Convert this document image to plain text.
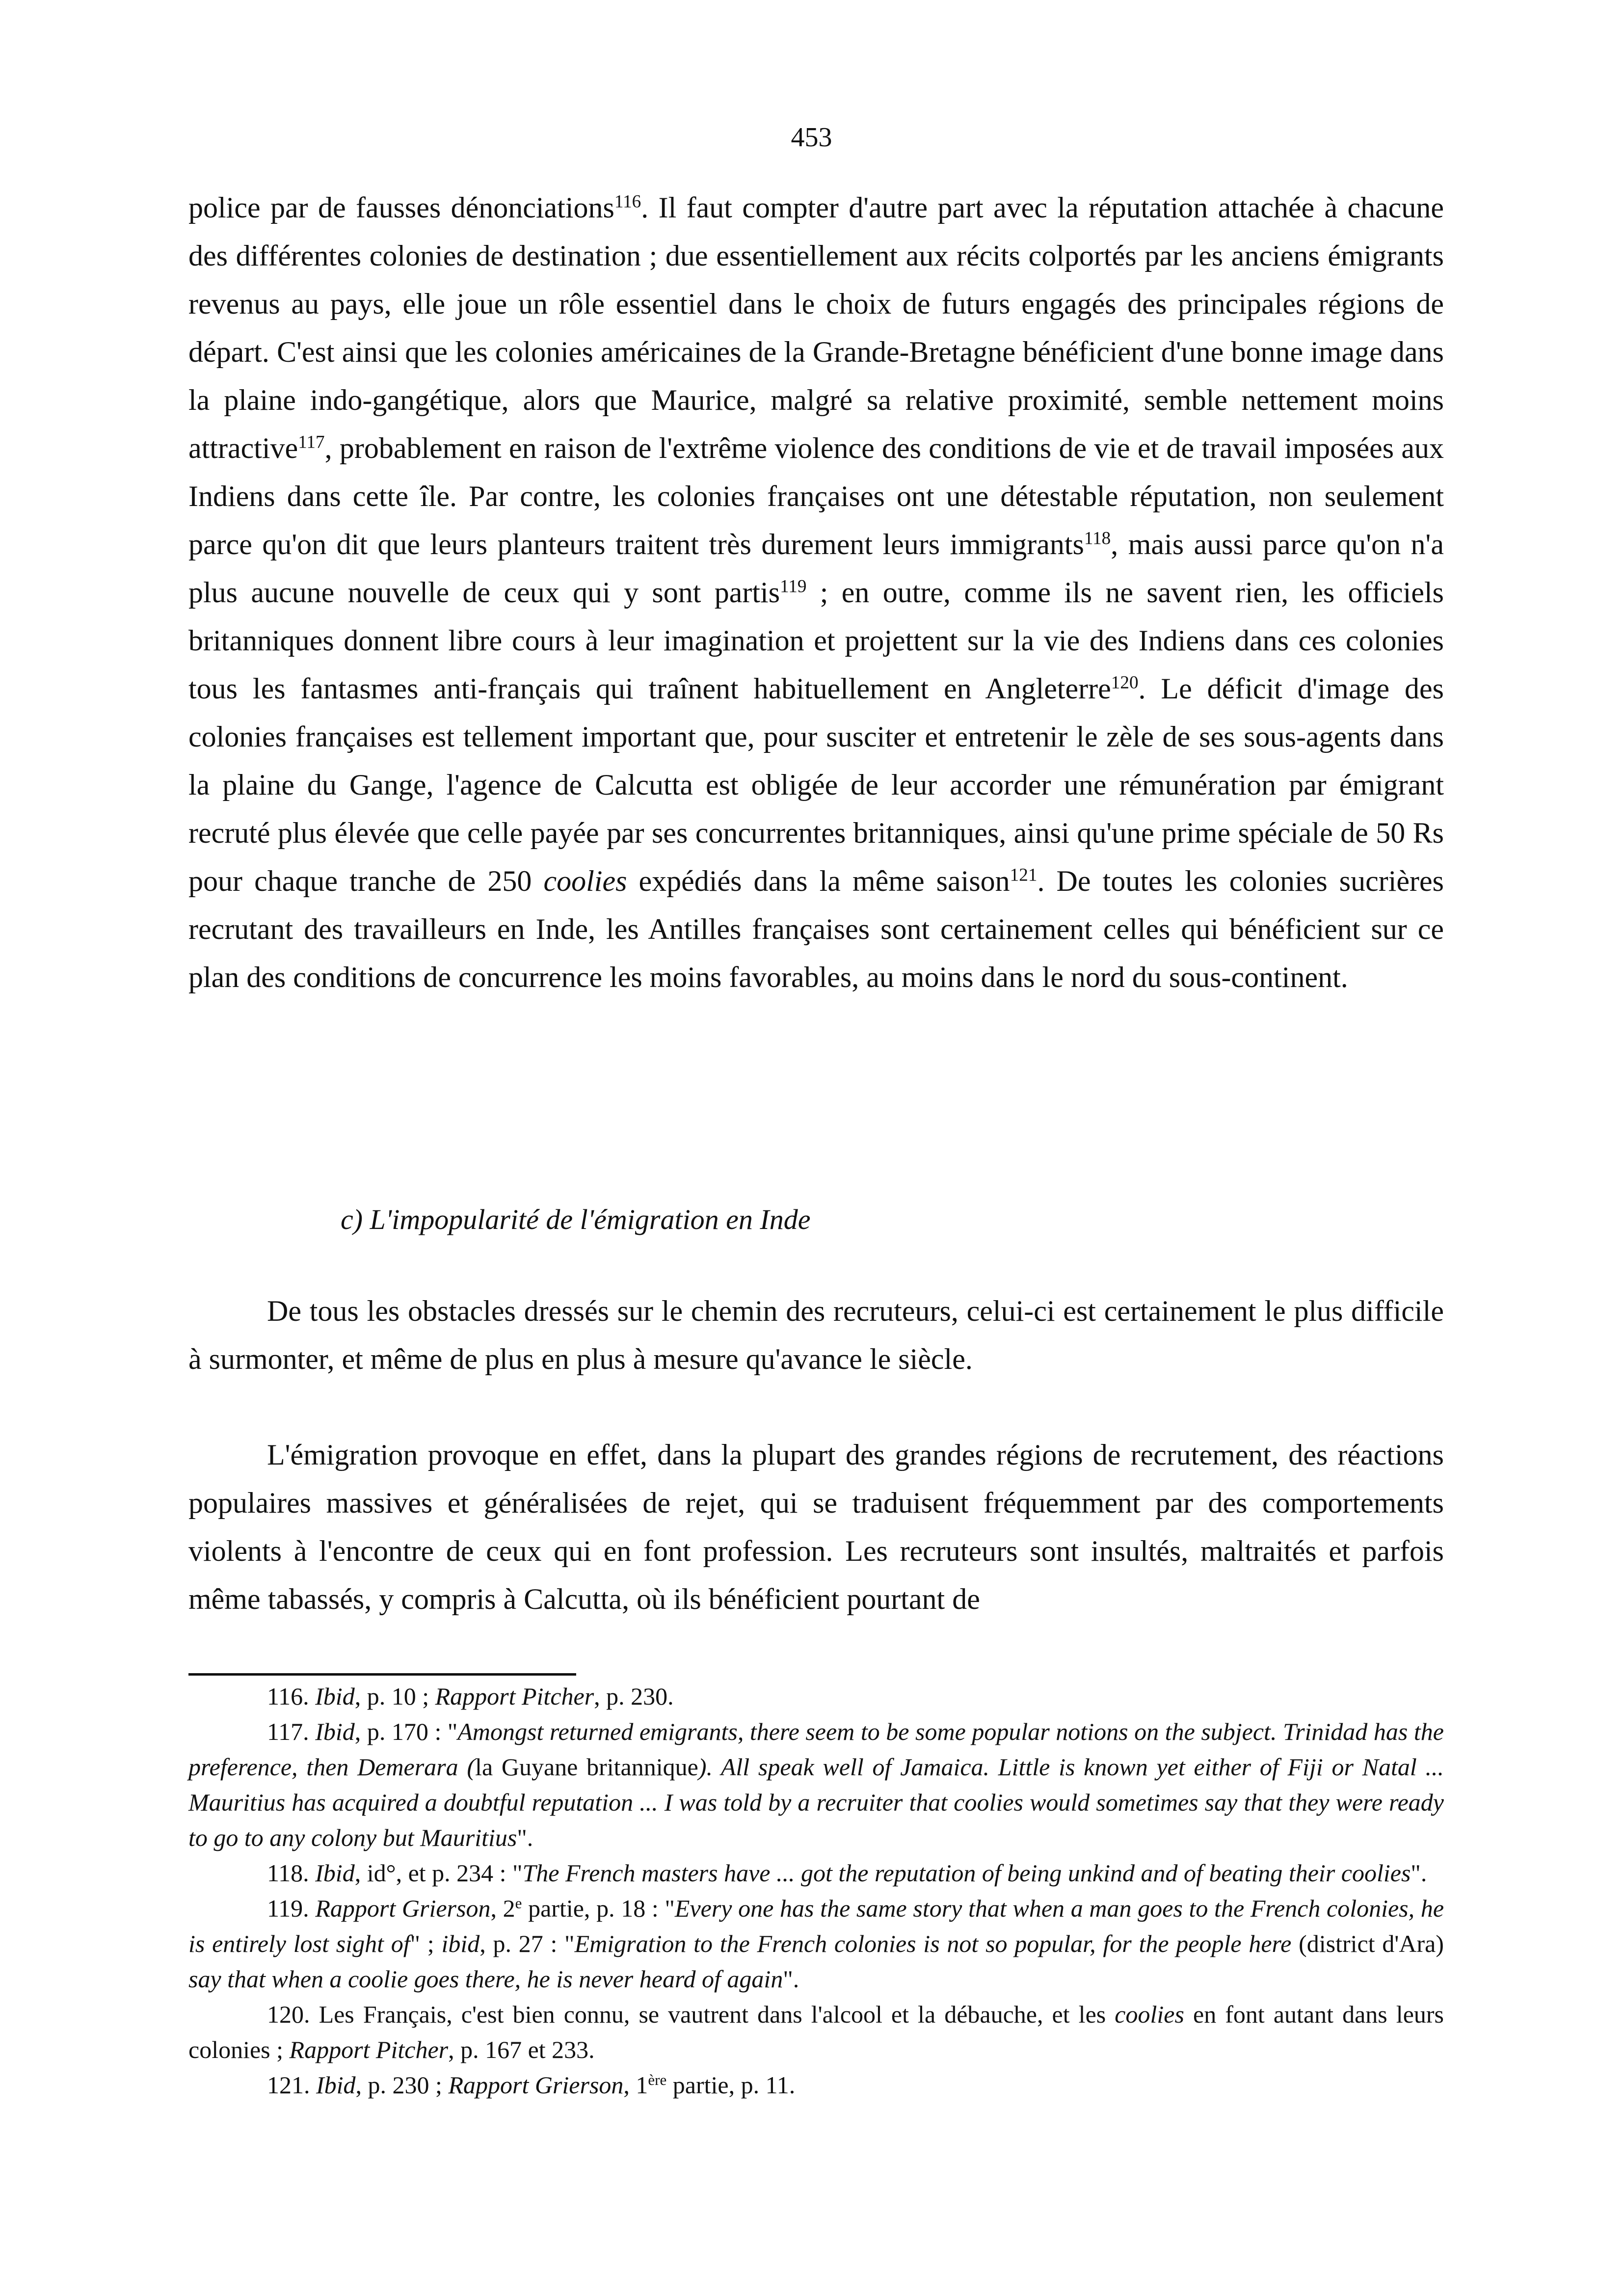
453

police par de fausses dénonciations$^{116}$. Il faut compter d'autre part avec la réputation attachée à chacune des différentes colonies de destination ; due essentiellement aux récits colportés par les anciens émigrants revenus au pays, elle joue un rôle essentiel dans le choix de futurs engagés des principales régions de départ. C'est ainsi que les colonies américaines de la Grande-Bretagne bénéficient d'une bonne image dans la plaine indo-gangétique, alors que Maurice, malgré sa relative proximité, semble nettement moins attractive$^{117}$, probablement en raison de l'extrême violence des conditions de vie et de travail imposées aux Indiens dans cette île. Par contre, les colonies françaises ont une détestable réputation, non seulement parce qu'on dit que leurs planteurs traitent très durement leurs immigrants$^{118}$, mais aussi parce qu'on n'a plus aucune nouvelle de ceux qui y sont partis$^{119}$ ; en outre, comme ils ne savent rien, les officiels britanniques donnent libre cours à leur imagination et projettent sur la vie des Indiens dans ces colonies tous les fantasmes anti-français qui traînent habituellement en Angleterre$^{120}$. Le déficit d'image des colonies françaises est tellement important que, pour susciter et entretenir le zèle de ses sous-agents dans la plaine du Gange, l'agence de Calcutta est obligée de leur accorder une rémunération par émigrant recruté plus élevée que celle payée par ses concurrentes britanniques, ainsi qu'une prime spéciale de 50 Rs pour chaque tranche de 250 coolies expédiés dans la même saison$^{121}$. De toutes les colonies sucrières recrutant des travailleurs en Inde, les Antilles françaises sont certainement celles qui bénéficient sur ce plan des conditions de concurrence les moins favorables, au moins dans le nord du sous-continent.

c) L'impopularité de l'émigration en Inde

De tous les obstacles dressés sur le chemin des recruteurs, celui-ci est certainement le plus difficile à surmonter, et même de plus en plus à mesure qu'avance le siècle.

L'émigration provoque en effet, dans la plupart des grandes régions de recrutement, des réactions populaires massives et généralisées de rejet, qui se traduisent fréquemment par des comportements violents à l'encontre de ceux qui en font profession. Les recruteurs sont insultés, maltraités et parfois même tabassés, y compris à Calcutta, où ils bénéficient pourtant de

116. Ibid, p. 10 ; Rapport Pitcher, p. 230.

117. Ibid, p. 170 : "Amongst returned emigrants, there seem to be some popular notions on the subject. Trinidad has the preference, then Demerara (la Guyane britannique). All speak well of Jamaica. Little is known yet either of Fiji or Natal ... Mauritius has acquired a doubtful reputation ... I was told by a recruiter that coolies would sometimes say that they were ready to go to any colony but Mauritius".

118. Ibid, id°, et p. 234 : "The French masters have ... got the reputation of being unkind and of beating their coolies".

119. Rapport Grierson, 2e partie, p. 18 : "Every one has the same story that when a man goes to the French colonies, he is entirely lost sight of" ; ibid, p. 27 : "Emigration to the French colonies is not so popular, for the people here (district d'Ara) say that when a coolie goes there, he is never heard of again".

120. Les Français, c'est bien connu, se vautrent dans l'alcool et la débauche, et les coolies en font autant dans leurs colonies ; Rapport Pitcher, p. 167 et 233.

121. Ibid, p. 230 ; Rapport Grierson, 1ère partie, p. 11.
